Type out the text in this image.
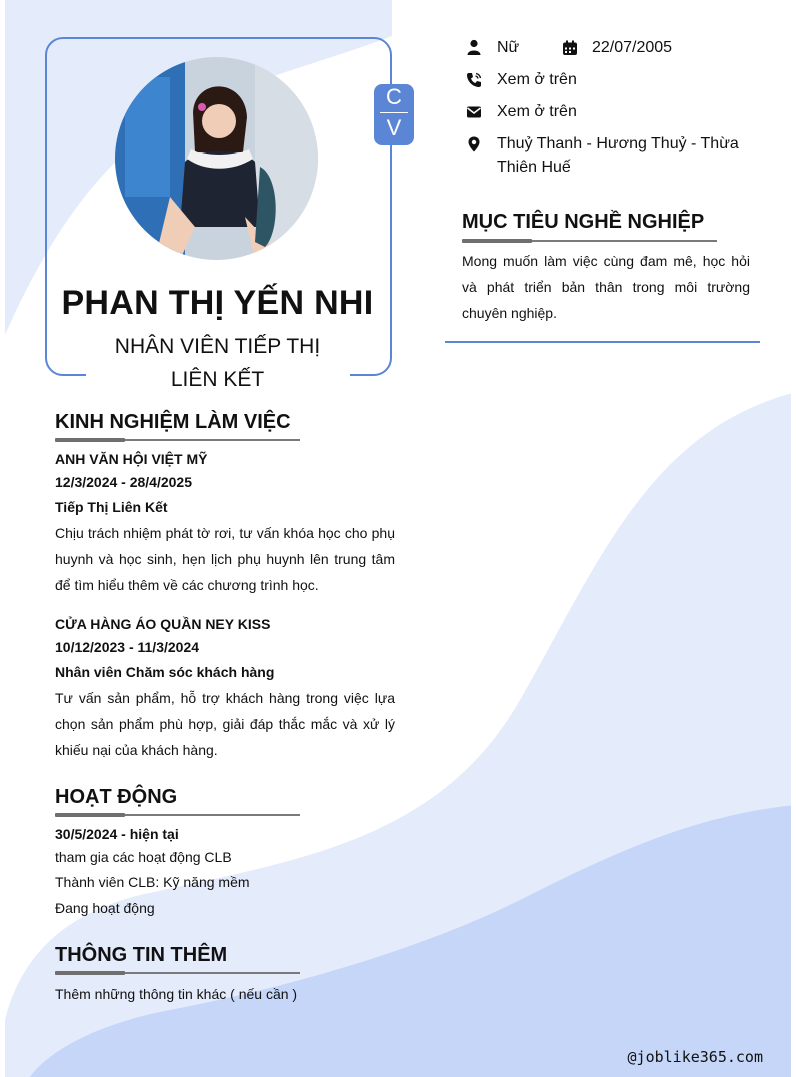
C
V
PHAN THỊ YẾN NHI
NHÂN VIÊN TIẾP THỊ
LIÊN KẾT
Nữ	22/07/2005
Xem ở trên
Xem ở trên
Thuỷ Thanh - Hương Thuỷ - Thừa
Thiên Huế
MỤC TIÊU NGHỀ NGHIỆP
Mong muốn làm việc cùng đam mê, học hỏi và phát triển bản thân trong môi trường chuyên nghiệp.
KINH NGHIỆM LÀM VIỆC
ANH VĂN HỘI VIỆT MỸ
12/3/2024 - 28/4/2025
Tiếp Thị Liên Kết
Chịu trách nhiệm phát tờ rơi, tư vấn khóa học cho phụ huynh và học sinh, hẹn lịch phụ huynh lên trung tâm để tìm hiểu thêm về các chương trình học.
CỬA HÀNG ÁO QUẦN NEY KISS
10/12/2023 - 11/3/2024
Nhân viên Chăm sóc khách hàng
Tư vấn sản phẩm, hỗ trợ khách hàng trong việc lựa chọn sản phẩm phù hợp, giải đáp thắc mắc và xử lý khiếu nại của khách hàng.
HOẠT ĐỘNG
30/5/2024 - hiện tại
tham gia các hoạt động CLB
Thành viên CLB: Kỹ năng mềm
Đang hoạt động
THÔNG TIN THÊM
Thêm những thông tin khác ( nếu cần )
@joblike365.com
